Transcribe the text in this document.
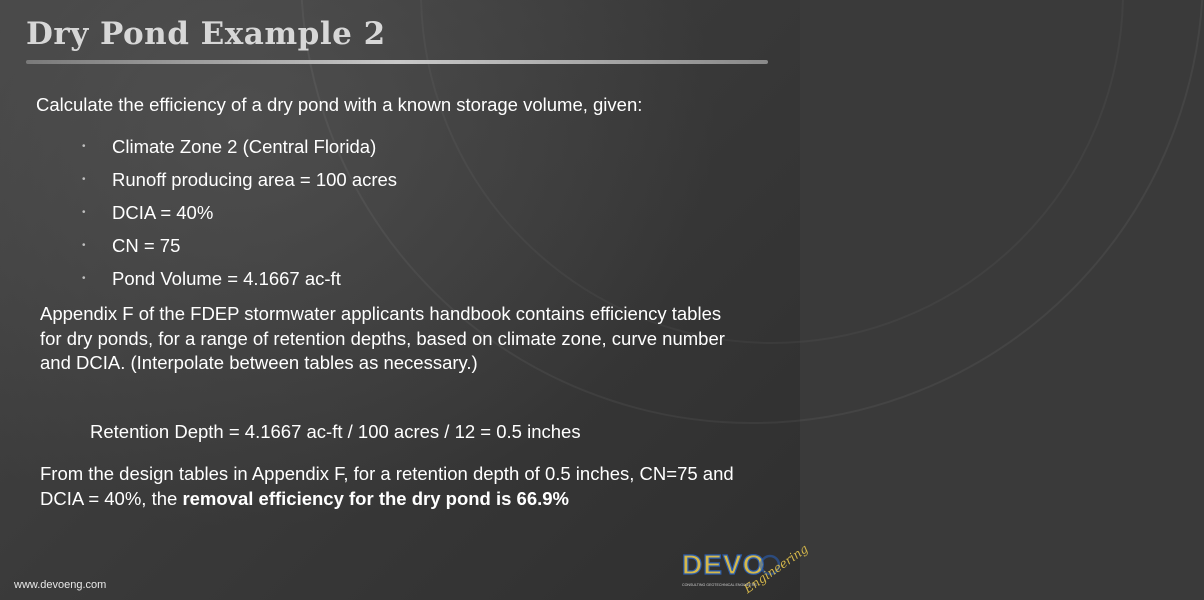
Dry Pond Example 2

Calculate the efficiency of a dry pond with a known storage volume, given:

• Climate Zone 2 (Central Florida)
• Runoff producing area = 100 acres
• DCIA = 40%
• CN = 75
• Pond Volume = 4.1667 ac-ft

Appendix F of the FDEP stormwater applicants handbook contains efficiency tables for dry ponds, for a range of retention depths, based on climate zone, curve number and DCIA. (Interpolate between tables as necessary.)

Retention Depth = 4.1667 ac-ft / 100 acres / 12 = 0.5 inches

From the design tables in Appendix F, for a retention depth of 0.5 inches, CN=75 and DCIA = 40%, the removal efficiency for the dry pond is 66.9%

www.devoeng.com
DEVO
Engineering
CONSULTING GEOTECHNICAL ENGINEERS
